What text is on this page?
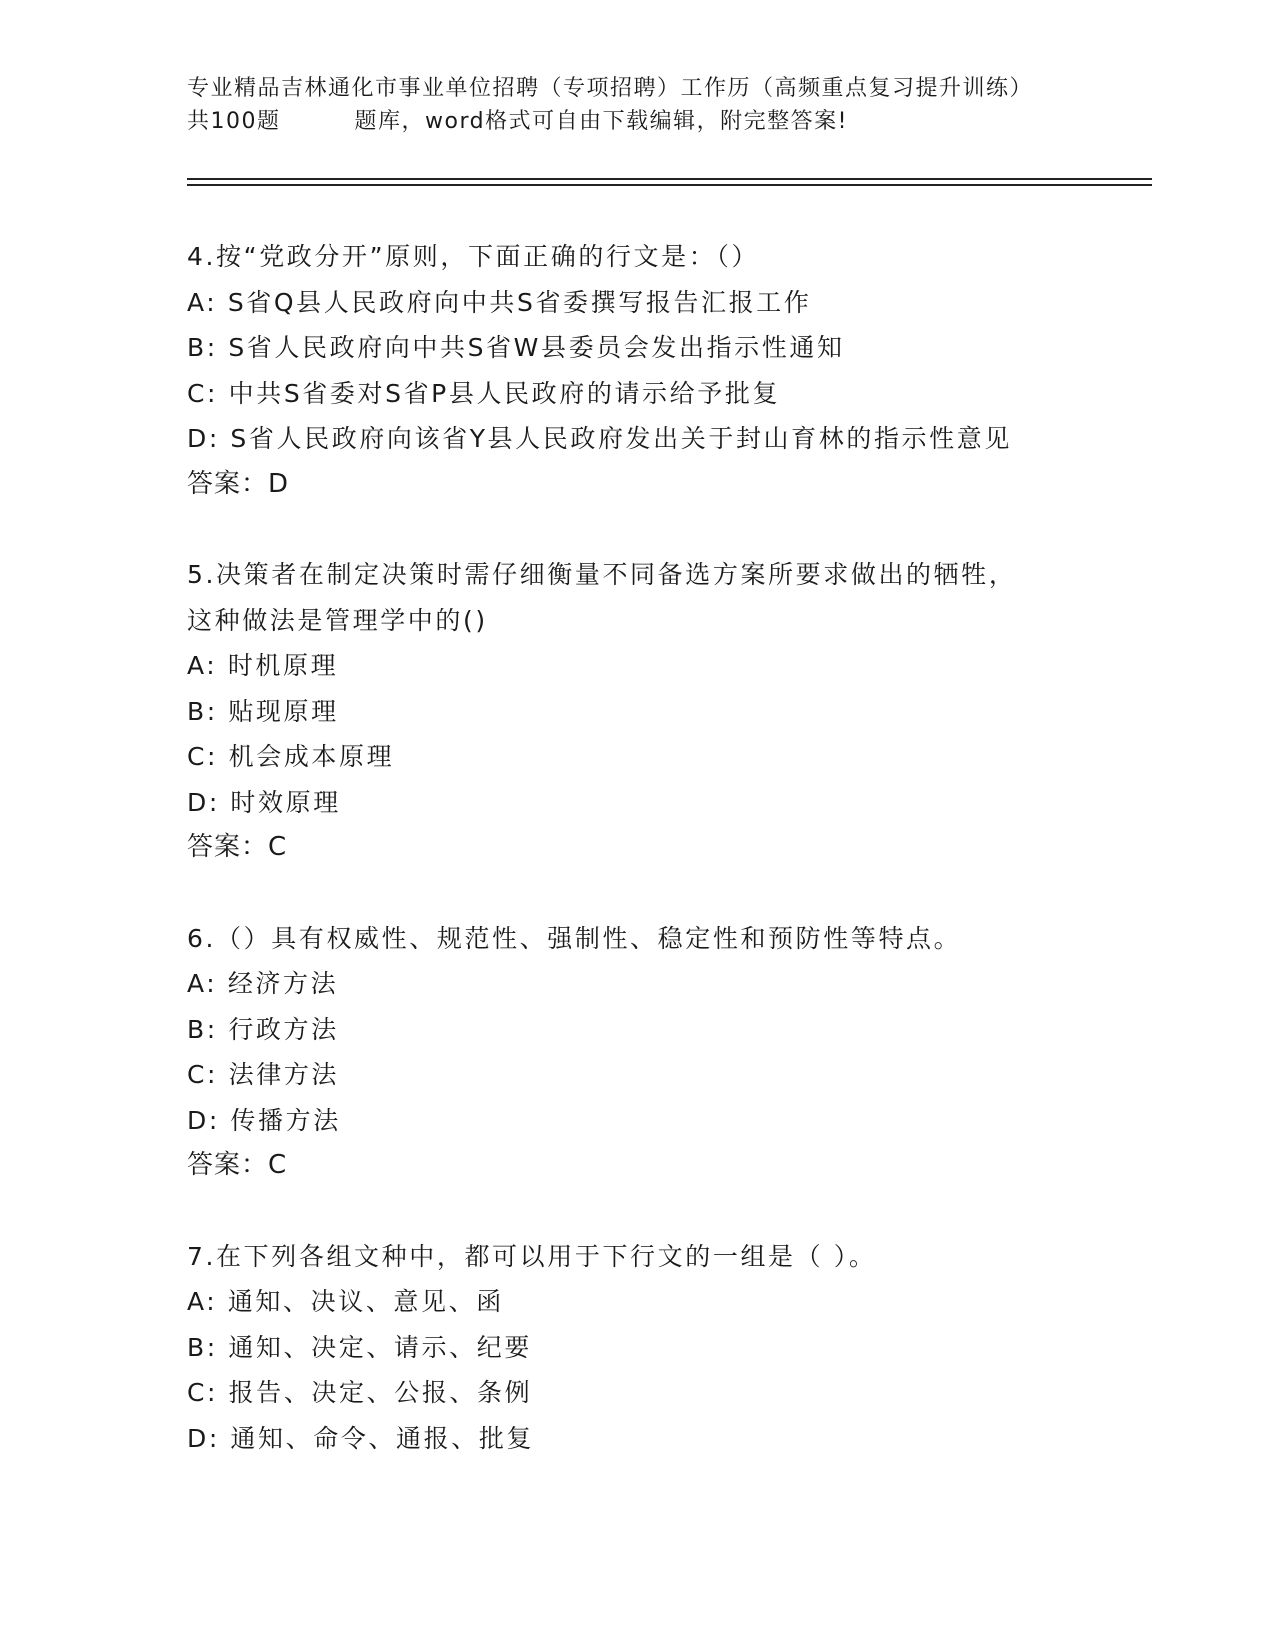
专业精品吉林通化市事业单位招聘（专项招聘）工作历（高频重点复习提升训练）
共100题	题库，word格式可自由下载编辑，附完整答案!
4.按“党政分开”原则，下面正确的行文是：（）
A: S省Q县人民政府向中共S省委撰写报告汇报工作
B: S省人民政府向中共S省W县委员会发出指示性通知
C: 中共S省委对S省P县人民政府的请示给予批复
D: S省人民政府向该省Y县人民政府发出关于封山育林的指示性意见
答案：D
5.决策者在制定决策时需仔细衡量不同备选方案所要求做出的牺牲，
这种做法是管理学中的()
A: 时机原理
B: 贴现原理
C: 机会成本原理
D: 时效原理
答案：C
6.（）具有权威性、规范性、强制性、稳定性和预防性等特点。
A: 经济方法
B: 行政方法
C: 法律方法
D: 传播方法
答案：C
7.在下列各组文种中，都可以用于下行文的一组是（ ）。
A: 通知、决议、意见、函
B: 通知、决定、请示、纪要
C: 报告、决定、公报、条例
D: 通知、命令、通报、批复
